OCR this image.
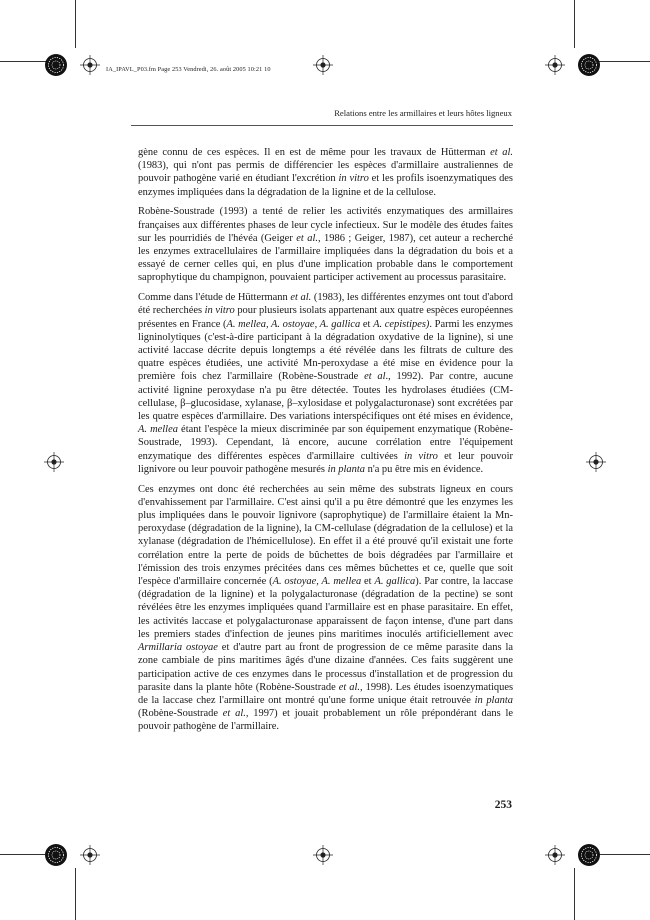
IA_IPAVL_P03.fm Page 253 Vendredi, 26. août 2005 10:21 10
Relations entre les armillaires et leurs hôtes ligneux

gène connu de ces espèces. Il en est de même pour les travaux de Hütterman et al. (1983), qui n'ont pas permis de différencier les espèces d'armillaire australiennes de pouvoir pathogène varié en étudiant l'excrétion in vitro et les profils isoenzymatiques des enzymes impliquées dans la dégradation de la lignine et de la cellulose.

Robène-Soustrade (1993) a tenté de relier les activités enzymatiques des armillaires françaises aux différentes phases de leur cycle infectieux. Sur le modèle des études faites sur les pourridiés de l'hévéa (Geiger et al., 1986 ; Geiger, 1987), cet auteur a recherché les enzymes extracellulaires de l'armillaire impliquées dans la dégradation du bois et a essayé de cerner celles qui, en plus d'une implication probable dans le comportement saprophytique du champignon, pouvaient participer activement au processus parasitaire.

Comme dans l'étude de Hüttermann et al. (1983), les différentes enzymes ont tout d'abord été recherchées in vitro pour plusieurs isolats appartenant aux quatre espèces européennes présentes en France (A. mellea, A. ostoyae, A. gallica et A. cepistipes). Parmi les enzymes ligninolytiques (c'est-à-dire participant à la dégradation oxydative de la lignine), si une activité laccase décrite depuis longtemps a été révélée dans les filtrats de culture des quatre espèces étudiées, une activité Mn-peroxydase a été mise en évidence pour la première fois chez l'armillaire (Robène-Soustrade et al., 1992). Par contre, aucune activité lignine peroxydase n'a pu être détectée. Toutes les hydrolases étudiées (CM-cellulase, β–glucosidase, xylanase, β–xylosidase et polygalacturonase) sont excrétées par les quatre espèces d'armillaire. Des variations interspécifiques ont été mises en évidence, A. mellea étant l'espèce la mieux discriminée par son équipement enzymatique (Robène-Soustrade, 1993). Cependant, là encore, aucune corrélation entre l'équipement enzymatique des différentes espèces d'armillaire cultivées in vitro et leur pouvoir lignivore ou leur pouvoir pathogène mesurés in planta n'a pu être mis en évidence.

Ces enzymes ont donc été recherchées au sein même des substrats ligneux en cours d'envahissement par l'armillaire. C'est ainsi qu'il a pu être démontré que les enzymes les plus impliquées dans le pouvoir lignivore (saprophytique) de l'armillaire étaient la Mn-peroxydase (dégradation de la lignine), la CM-cellulase (dégradation de la cellulose) et la xylanase (dégradation de l'hémicellulose). En effet il a été prouvé qu'il existait une forte corrélation entre la perte de poids de bûchettes de bois dégradées par l'armillaire et l'émission des trois enzymes précitées dans ces mêmes bûchettes et ce, quelle que soit l'espèce d'armillaire concernée (A. ostoyae, A. mellea et A. gallica). Par contre, la laccase (dégradation de la lignine) et la polygalacturonase (dégradation de la pectine) se sont révélées être les enzymes impliquées quand l'armillaire est en phase parasitaire. En effet, les activités laccase et polygalacturonase apparaissent de façon intense, d'une part dans les premiers stades d'infection de jeunes pins maritimes inoculés artificiellement avec Armillaria ostoyae et d'autre part au front de progression de ce même parasite dans la zone cambiale de pins maritimes âgés d'une dizaine d'années. Ces faits suggèrent une participation active de ces enzymes dans le processus d'installation et de progression du parasite dans la plante hôte (Robène-Soustrade et al., 1998). Les études isoenzymatiques de la laccase chez l'armillaire ont montré qu'une forme unique était retrouvée in planta (Robène-Soustrade et al., 1997) et jouait probablement un rôle prépondérant dans le pouvoir pathogène de l'armillaire.

253
